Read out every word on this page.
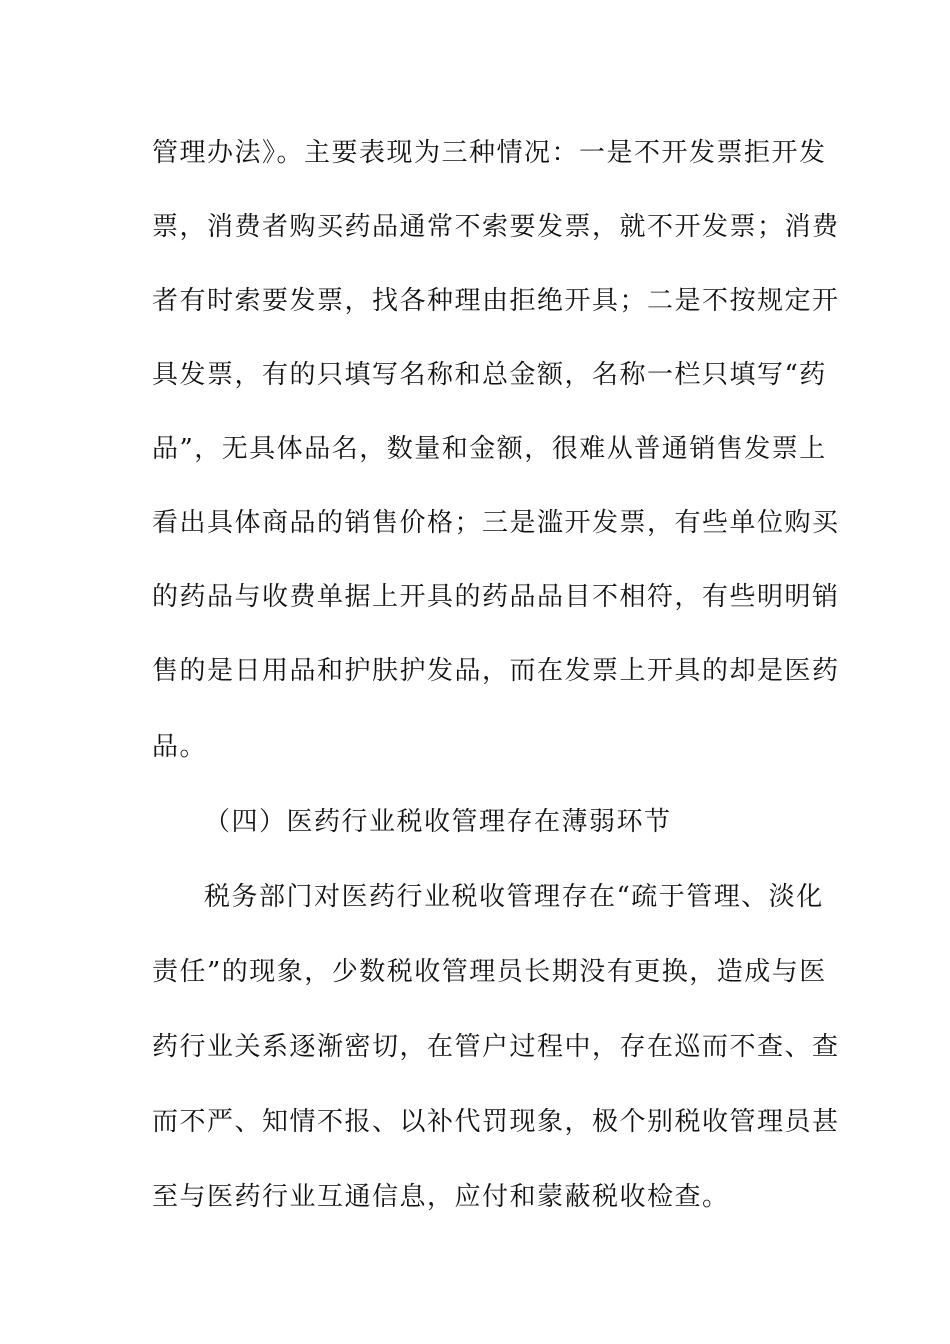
管理办法》。主要表现为三种情况：一是不开发票拒开发
票，消费者购买药品通常不索要发票，就不开发票；消费
者有时索要发票，找各种理由拒绝开具；二是不按规定开
具发票，有的只填写名称和总金额，名称一栏只填写“药
品”，无具体品名，数量和金额，很难从普通销售发票上
看出具体商品的销售价格；三是滥开发票，有些单位购买
的药品与收费单据上开具的药品品目不相符，有些明明销
售的是日用品和护肤护发品，而在发票上开具的却是医药
品。
（四）医药行业税收管理存在薄弱环节
税务部门对医药行业税收管理存在“疏于管理、淡化
责任”的现象，少数税收管理员长期没有更换，造成与医
药行业关系逐渐密切，在管户过程中，存在巡而不查、查
而不严、知情不报、以补代罚现象，极个别税收管理员甚
至与医药行业互通信息，应付和蒙蔽税收检查。
